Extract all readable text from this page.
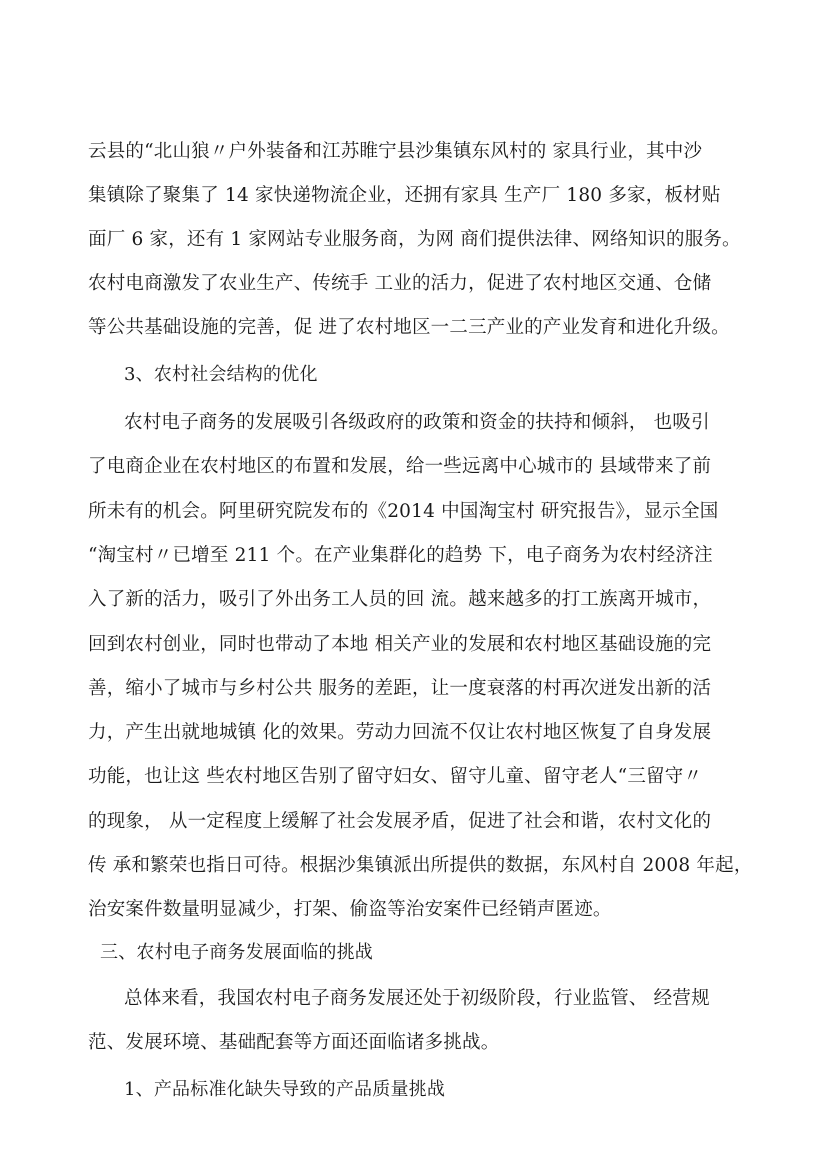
云县的“北山狼〃户外装备和江苏睢宁县沙集镇东风村的 家具行业，其中沙
集镇除了聚集了 14 家快递物流企业，还拥有家具 生产厂 180 多家，板材贴
面厂 6 家，还有 1 家网站专业服务商，为网 商们提供法律、网络知识的服务。
农村电商激发了农业生产、传统手 工业的活力，促进了农村地区交通、仓储
等公共基础设施的完善，促 进了农村地区一二三产业的产业发育和进化升级。
3、农村社会结构的优化
农村电子商务的发展吸引各级政府的政策和资金的扶持和倾斜， 也吸引
了电商企业在农村地区的布置和发展，给一些远离中心城市的 县域带来了前
所未有的机会。阿里研究院发布的《2014 中国淘宝村 研究报告》，显示全国
“淘宝村〃已增至 211 个。在产业集群化的趋势 下，电子商务为农村经济注
入了新的活力，吸引了外出务工人员的回 流。越来越多的打工族离开城市，
回到农村创业，同时也带动了本地 相关产业的发展和农村地区基础设施的完
善，缩小了城市与乡村公共 服务的差距，让一度衰落的村再次迸发出新的活
力，产生出就地城镇 化的效果。劳动力回流不仅让农村地区恢复了自身发展
功能，也让这 些农村地区告别了留守妇女、留守儿童、留守老人“三留守〃
的现象， 从一定程度上缓解了社会发展矛盾，促进了社会和谐，农村文化的
传 承和繁荣也指日可待。根据沙集镇派出所提供的数据，东风村自 2008 年起，
治安案件数量明显减少，打架、偷盗等治安案件已经销声匿迹。
三、农村电子商务发展面临的挑战
总体来看，我国农村电子商务发展还处于初级阶段，行业监管、 经营规
范、发展环境、基础配套等方面还面临诸多挑战。
1、产品标准化缺失导致的产品质量挑战
